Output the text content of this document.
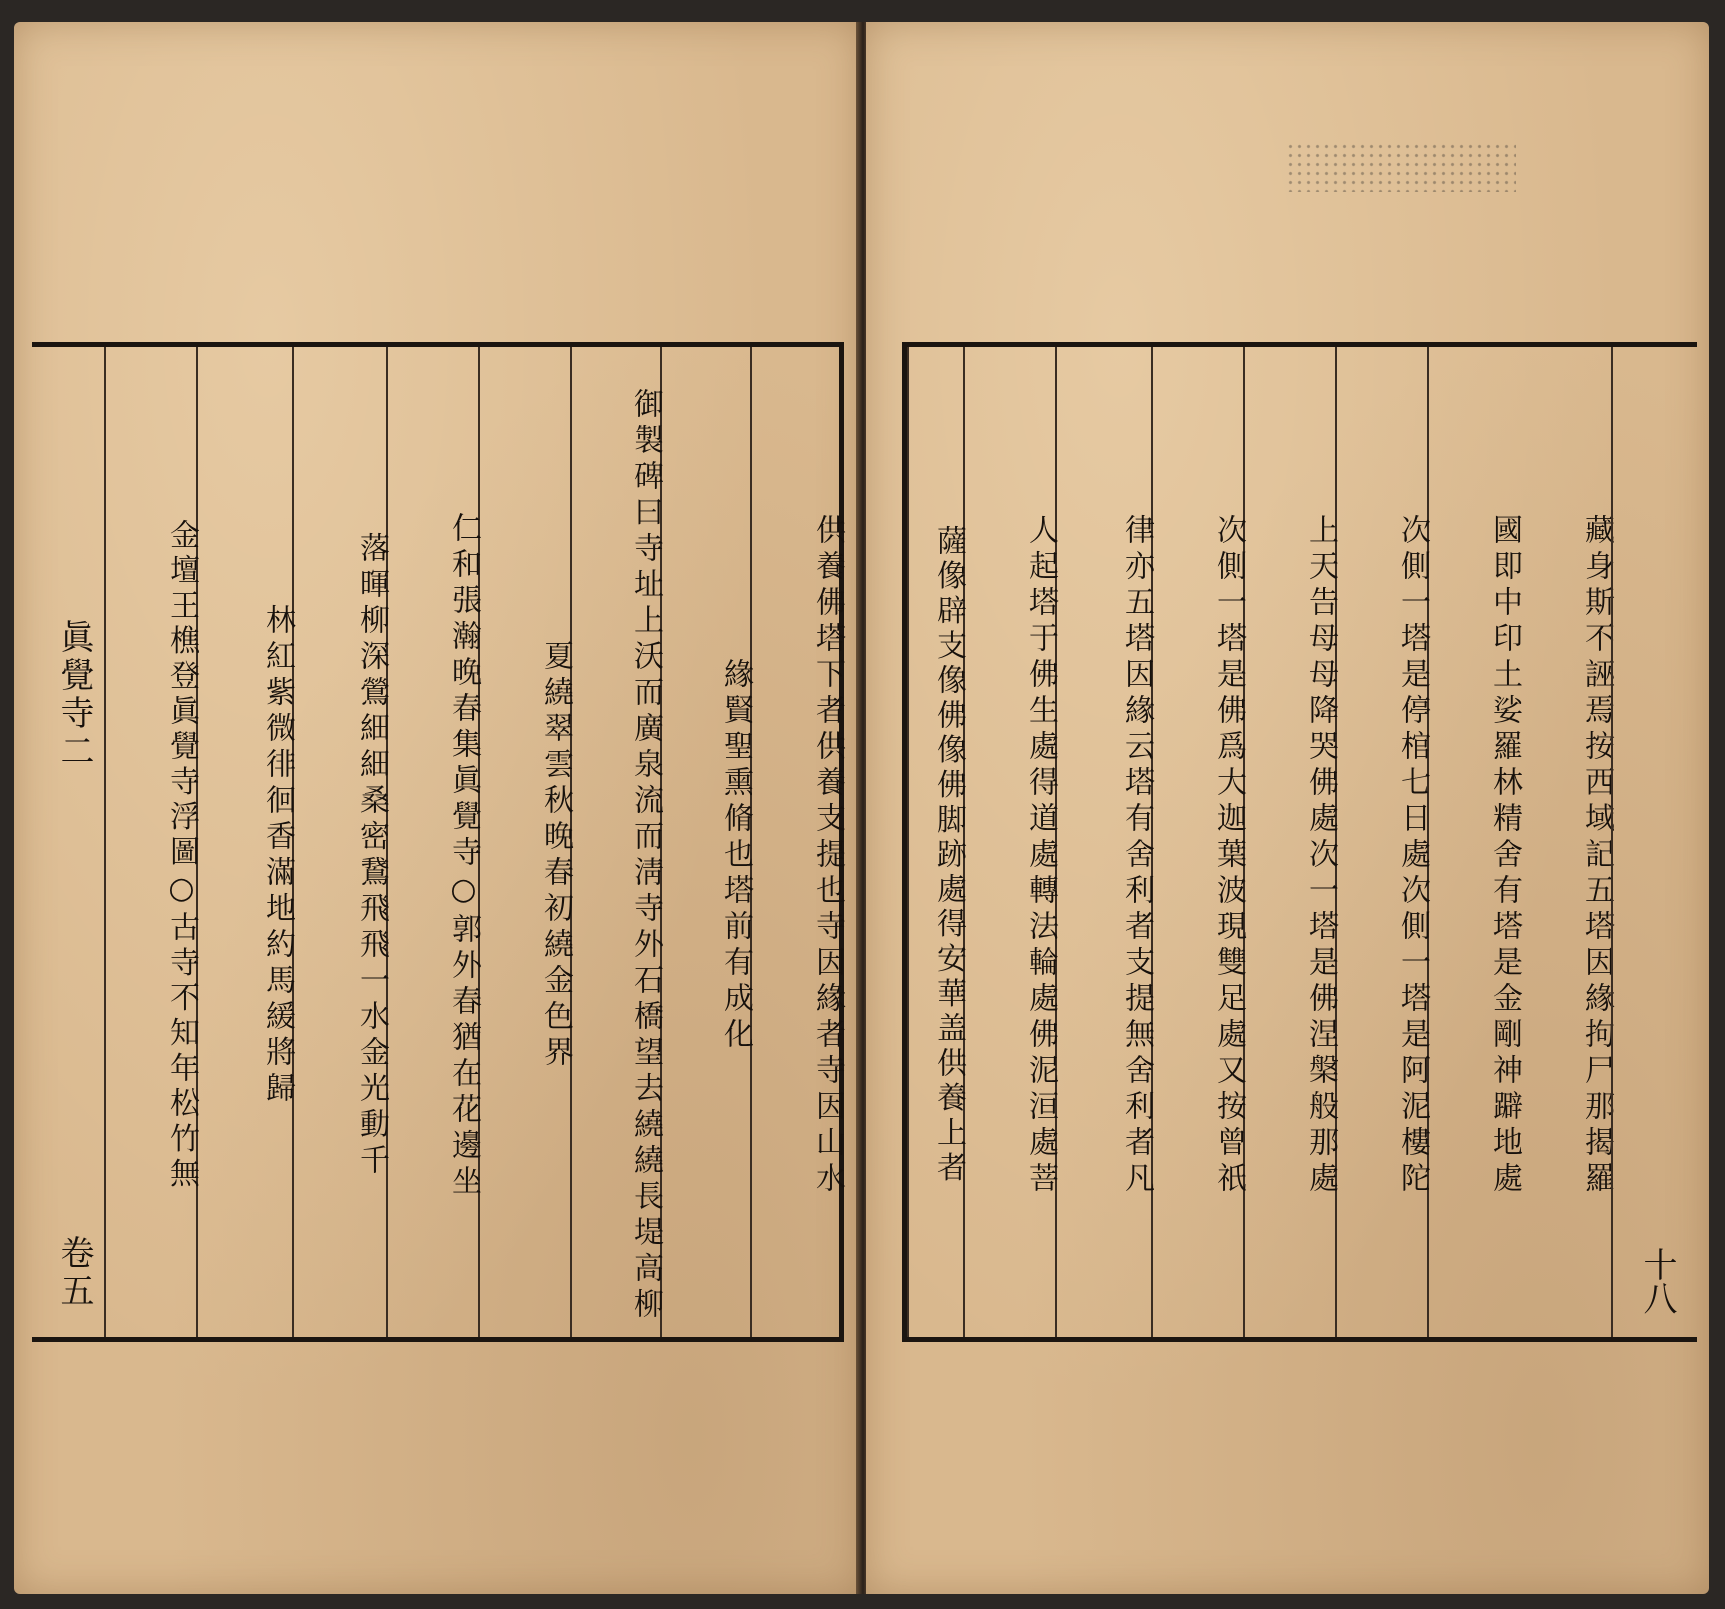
眞覺寺二
卷五
供養佛塔下者供養支提也寺因緣者寺因山水
緣賢聖熏脩也塔前有成化
御製碑曰寺址上沃而廣泉流而淸寺外石橋望去繞繞長堤高柳
夏繞翠雲秋晚春初繞金色界
仁和張瀚晚春集眞覺寺○郭外春猶在花邊坐
落暉柳深鶯細細桑密鵞飛飛一水金光動千
林紅紫微徘徊香滿地約馬緩將歸
金壇王樵登眞覺寺浮圖○古寺不知年松竹無	藏身斯不誣焉按西域記五塔因緣拘尸那揭羅
國即中印土娑羅林精舍有塔是金剛神躃地處
次側一塔是停棺七日處次側一塔是阿泥樓陀
上天告母母降哭佛處次一塔是佛涅槃般那處
次側一塔是佛爲大迦葉波現雙足處又按曾祇
律亦五塔因緣云塔有舍利者支提無舍利者凡
人起塔于佛生處得道處轉法輪處佛泥洹處菩
薩像辟支像佛像佛脚跡處得安華盖供養上者
十八
